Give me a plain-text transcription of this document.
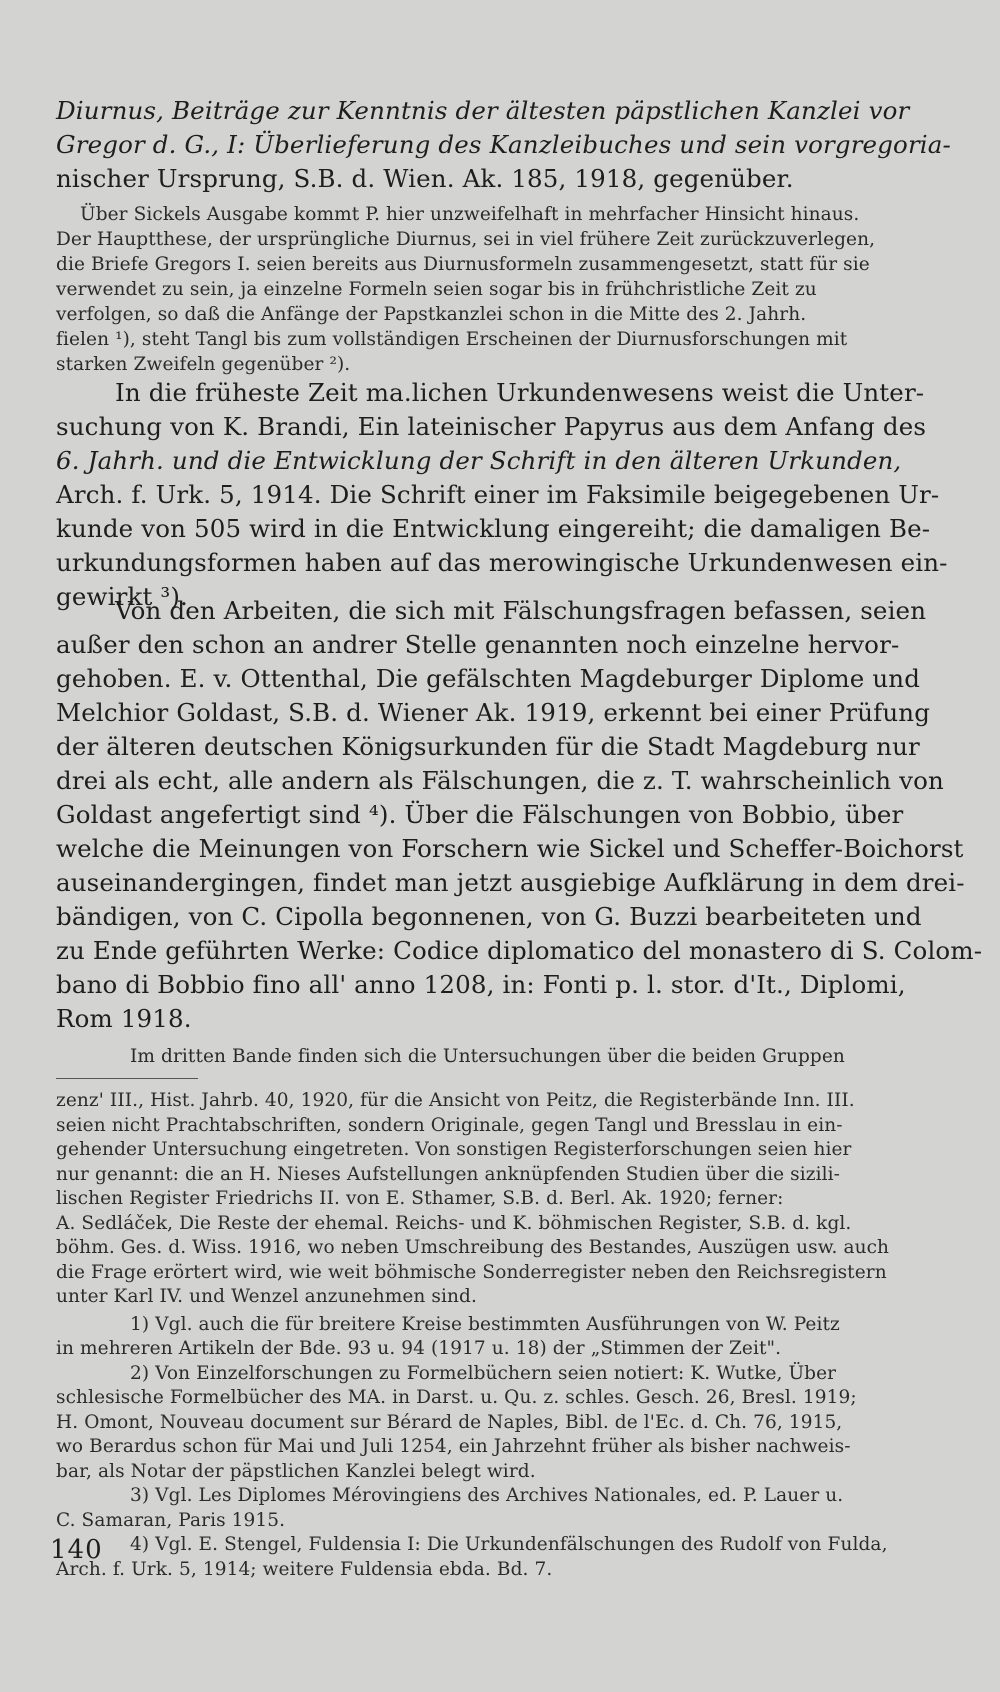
Diurnus, Beiträge zur Kenntnis der ältesten päpstlichen Kanzlei vor
Gregor d. G., I: Überlieferung des Kanzleibuches und sein vorgregoria-
nischer Ursprung, S.B. d. Wien. Ak. 185, 1918, gegenüber.
Über Sickels Ausgabe kommt P. hier unzweifelhaft in mehrfacher Hinsicht hinaus.
Der Hauptthese, der ursprüngliche Diurnus, sei in viel frühere Zeit zurückzuverlegen,
die Briefe Gregors I. seien bereits aus Diurnusformeln zusammengesetzt, statt für sie
verwendet zu sein, ja einzelne Formeln seien sogar bis in frühchristliche Zeit zu
verfolgen, so daß die Anfänge der Papstkanzlei schon in die Mitte des 2. Jahrh.
fielen ¹), steht Tangl bis zum vollständigen Erscheinen der Diurnusforschungen mit
starken Zweifeln gegenüber ²).
In die früheste Zeit ma.lichen Urkundenwesens weist die Unter-
suchung von K. Brandi, Ein lateinischer Papyrus aus dem Anfang des
6. Jahrh. und die Entwicklung der Schrift in den älteren Urkunden,
Arch. f. Urk. 5, 1914. Die Schrift einer im Faksimile beigegebenen Ur-
kunde von 505 wird in die Entwicklung eingereiht; die damaligen Be-
urkundungsformen haben auf das merowingische Urkundenwesen ein-
gewirkt ³).
Von den Arbeiten, die sich mit Fälschungsfragen befassen, seien
außer den schon an andrer Stelle genannten noch einzelne hervor-
gehoben. E. v. Ottenthal, Die gefälschten Magdeburger Diplome und
Melchior Goldast, S.B. d. Wiener Ak. 1919, erkennt bei einer Prüfung
der älteren deutschen Königsurkunden für die Stadt Magdeburg nur
drei als echt, alle andern als Fälschungen, die z. T. wahrscheinlich von
Goldast angefertigt sind ⁴). Über die Fälschungen von Bobbio, über
welche die Meinungen von Forschern wie Sickel und Scheffer-Boichorst
auseinandergingen, findet man jetzt ausgiebige Aufklärung in dem drei-
bändigen, von C. Cipolla begonnenen, von G. Buzzi bearbeiteten und
zu Ende geführten Werke: Codice diplomatico del monastero di S. Colom-
bano di Bobbio fino all' anno 1208, in: Fonti p. l. stor. d'It., Diplomi,
140
Rom 1918.
Im dritten Bande finden sich die Untersuchungen über die beiden Gruppen
zenz' III., Hist. Jahrb. 40, 1920, für die Ansicht von Peitz, die Registerbände Inn. III.
seien nicht Prachtabschriften, sondern Originale, gegen Tangl und Bresslau in ein-
gehender Untersuchung eingetreten. Von sonstigen Registerforschungen seien hier
nur genannt: die an H. Nieses Aufstellungen anknüpfenden Studien über die sizili-
lischen Register Friedrichs II. von E. Sthamer, S.B. d. Berl. Ak. 1920; ferner:
A. Sedláček, Die Reste der ehemal. Reichs- und K. böhmischen Register, S.B. d. kgl.
böhm. Ges. d. Wiss. 1916, wo neben Umschreibung des Bestandes, Auszügen usw. auch
die Frage erörtert wird, wie weit böhmische Sonderregister neben den Reichsregistern
unter Karl IV. und Wenzel anzunehmen sind.
1) Vgl. auch die für breitere Kreise bestimmten Ausführungen von W. Peitz
in mehreren Artikeln der Bde. 93 u. 94 (1917 u. 18) der „Stimmen der Zeit".
2) Von Einzelforschungen zu Formelbüchern seien notiert: K. Wutke, Über
schlesische Formelbücher des MA. in Darst. u. Qu. z. schles. Gesch. 26, Bresl. 1919;
H. Omont, Nouveau document sur Bérard de Naples, Bibl. de l'Ec. d. Ch. 76, 1915,
wo Berardus schon für Mai und Juli 1254, ein Jahrzehnt früher als bisher nachweis-
bar, als Notar der päpstlichen Kanzlei belegt wird.
3) Vgl. Les Diplomes Mérovingiens des Archives Nationales, ed. P. Lauer u.
C. Samaran, Paris 1915.
4) Vgl. E. Stengel, Fuldensia I: Die Urkundenfälschungen des Rudolf von Fulda,
Arch. f. Urk. 5, 1914; weitere Fuldensia ebda. Bd. 7.
